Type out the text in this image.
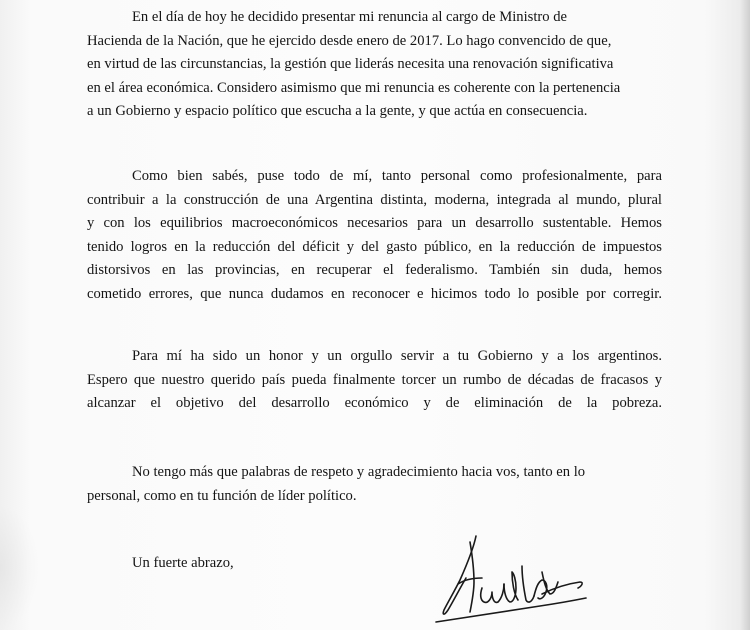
En el día de hoy he decidido presentar mi renuncia al cargo de Ministro de
Hacienda de la Nación, que he ejercido desde enero de 2017. Lo hago convencido de que,
en virtud de las circunstancias, la gestión que liderás necesita una renovación significativa
en el área económica. Considero asimismo que mi renuncia es coherente con la pertenencia
a un Gobierno y espacio político que escucha a la gente, y que actúa en consecuencia.

Como bien sabés, puse todo de mí, tanto personal como profesionalmente, para
contribuir a la construcción de una Argentina distinta, moderna, integrada al mundo, plural
y con los equilibrios macroeconómicos necesarios para un desarrollo sustentable. Hemos
tenido logros en la reducción del déficit y del gasto público, en la reducción de impuestos
distorsivos en las provincias, en recuperar el federalismo. También sin duda, hemos
cometido errores, que nunca dudamos en reconocer e hicimos todo lo posible por corregir.

Para mí ha sido un honor y un orgullo servir a tu Gobierno y a los argentinos.
Espero que nuestro querido país pueda finalmente torcer un rumbo de décadas de fracasos y
alcanzar el objetivo del desarrollo económico y de eliminación de la pobreza.

No tengo más que palabras de respeto y agradecimiento hacia vos, tanto en lo
personal, como en tu función de líder político.

Un fuerte abrazo,
